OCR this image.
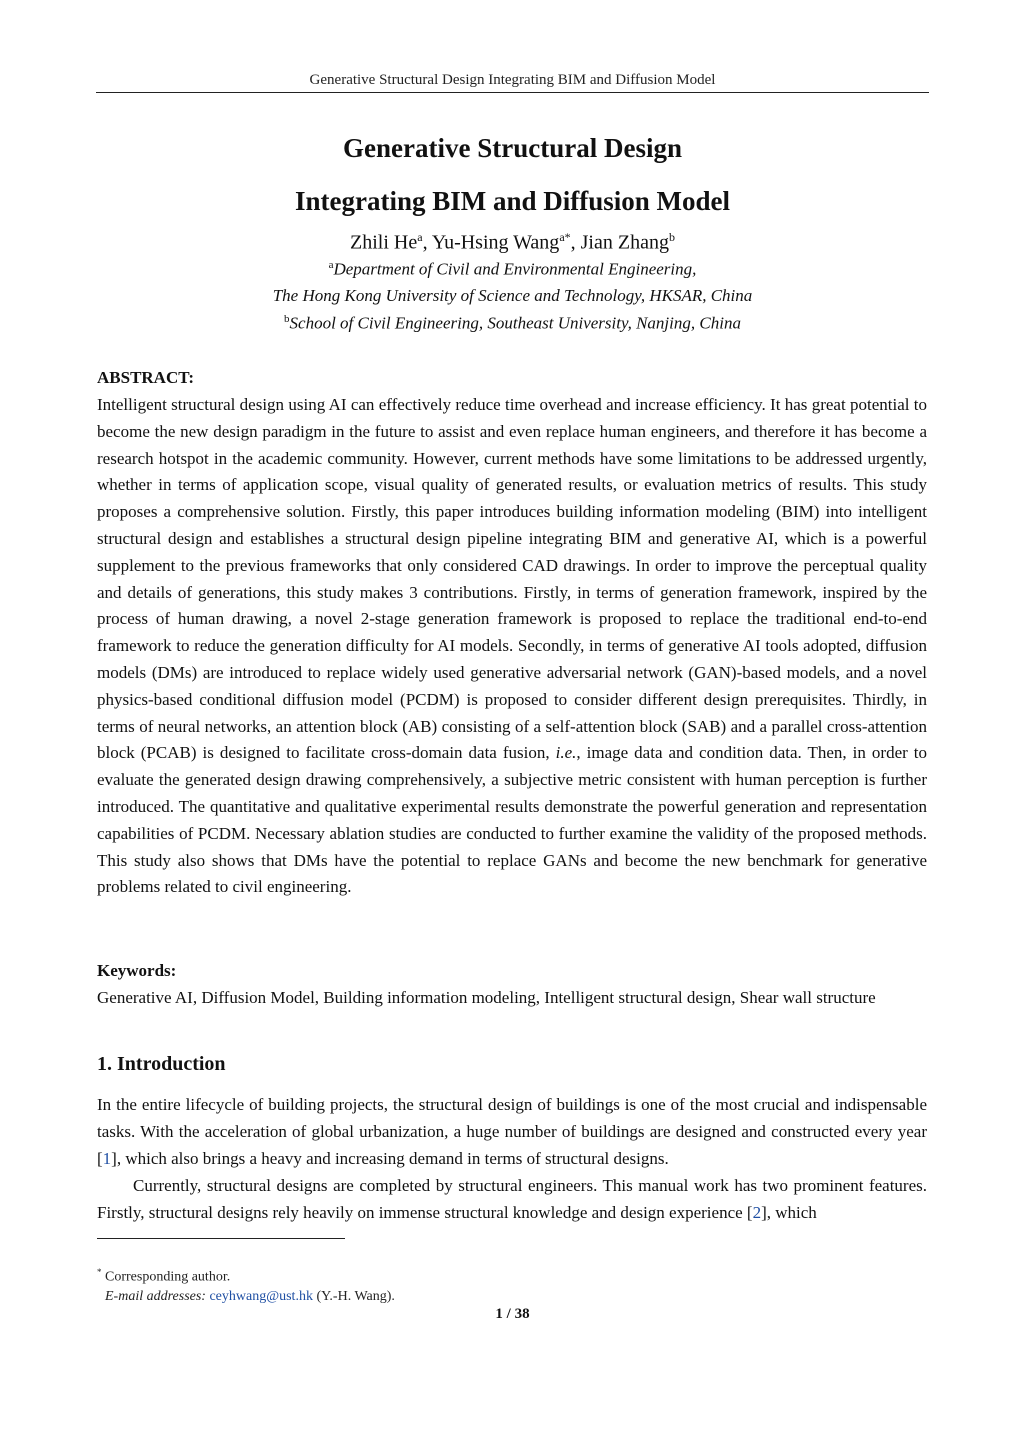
Generative Structural Design Integrating BIM and Diffusion Model
Generative Structural Design
Integrating BIM and Diffusion Model
Zhili He$^a$, Yu-Hsing Wang$^{a*}$, Jian Zhang$^b$
$^a$Department of Civil and Environmental Engineering,
The Hong Kong University of Science and Technology, HKSAR, China
$^b$School of Civil Engineering, Southeast University, Nanjing, China
ABSTRACT:
Intelligent structural design using AI can effectively reduce time overhead and increase efficiency. It has great potential to become the new design paradigm in the future to assist and even replace human engineers, and therefore it has become a research hotspot in the academic community. However, current methods have some limitations to be addressed urgently, whether in terms of application scope, visual quality of generated results, or evaluation metrics of results. This study proposes a comprehensive solution. Firstly, this paper introduces building information modeling (BIM) into intelligent structural design and establishes a structural design pipeline integrating BIM and generative AI, which is a powerful supplement to the previous frameworks that only considered CAD drawings. In order to improve the perceptual quality and details of generations, this study makes 3 contributions. Firstly, in terms of generation framework, inspired by the process of human drawing, a novel 2-stage generation framework is proposed to replace the traditional end-to-end framework to reduce the generation difficulty for AI models. Secondly, in terms of generative AI tools adopted, diffusion models (DMs) are introduced to replace widely used generative adversarial network (GAN)-based models, and a novel physics-based conditional diffusion model (PCDM) is proposed to consider different design prerequisites. Thirdly, in terms of neural networks, an attention block (AB) consisting of a self-attention block (SAB) and a parallel cross-attention block (PCAB) is designed to facilitate cross-domain data fusion, i.e., image data and condition data. Then, in order to evaluate the generated design drawing comprehensively, a subjective metric consistent with human perception is further introduced. The quantitative and qualitative experimental results demonstrate the powerful generation and representation capabilities of PCDM. Necessary ablation studies are conducted to further examine the validity of the proposed methods. This study also shows that DMs have the potential to replace GANs and become the new benchmark for generative problems related to civil engineering.
Keywords:
Generative AI, Diffusion Model, Building information modeling, Intelligent structural design, Shear wall structure
1. Introduction
In the entire lifecycle of building projects, the structural design of buildings is one of the most crucial and indispensable tasks. With the acceleration of global urbanization, a huge number of buildings are designed and constructed every year [1], which also brings a heavy and increasing demand in terms of structural designs.
Currently, structural designs are completed by structural engineers. This manual work has two prominent features. Firstly, structural designs rely heavily on immense structural knowledge and design experience [2], which
* Corresponding author.
E-mail addresses: ceyhwang@ust.hk (Y.-H. Wang).
1 / 38
